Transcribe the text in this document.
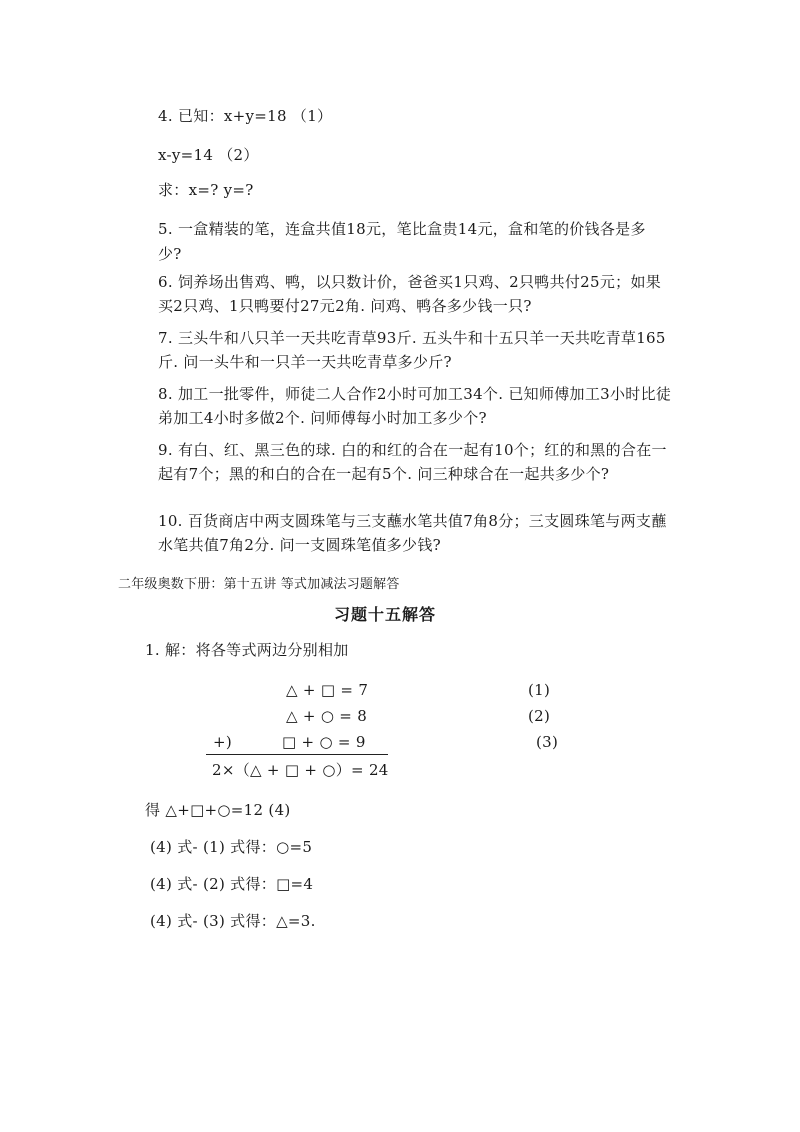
4. 已知：x+y=18 （1）
x-y=14 （2）
求：x=? y=?
5. 一盒精装的笔，连盒共值18元，笔比盒贵14元，盒和笔的价钱各是多
少?
6. 饲养场出售鸡、鸭，以只数计价，爸爸买1只鸡、2只鸭共付25元；如果
买2只鸡、1只鸭要付27元2角. 问鸡、鸭各多少钱一只?
7. 三头牛和八只羊一天共吃青草93斤. 五头牛和十五只羊一天共吃青草165
斤. 问一头牛和一只羊一天共吃青草多少斤?
8. 加工一批零件，师徒二人合作2小时可加工34个. 已知师傅加工3小时比徒
弟加工4小时多做2个. 问师傅每小时加工多少个?
9. 有白、红、黑三色的球. 白的和红的合在一起有10个；红的和黑的合在一
起有7个；黑的和白的合在一起有5个. 问三种球合在一起共多少个?
10. 百货商店中两支圆珠笔与三支蘸水笔共值7角8分；三支圆珠笔与两支蘸
水笔共值7角2分. 问一支圆珠笔值多少钱?
二年级奥数下册：第十五讲 等式加减法习题解答
习题十五解答
1. 解：将各等式两边分别相加
△ + □ = 7	(1)
△ + ○ = 8	(2)
+)	□ + ○ = 9	(3)
2×（△ + □ + ○）= 24
得 △+□+○=12 (4)
(4) 式- (1) 式得：○=5
(4) 式- (2) 式得：□=4
(4) 式- (3) 式得：△=3.
